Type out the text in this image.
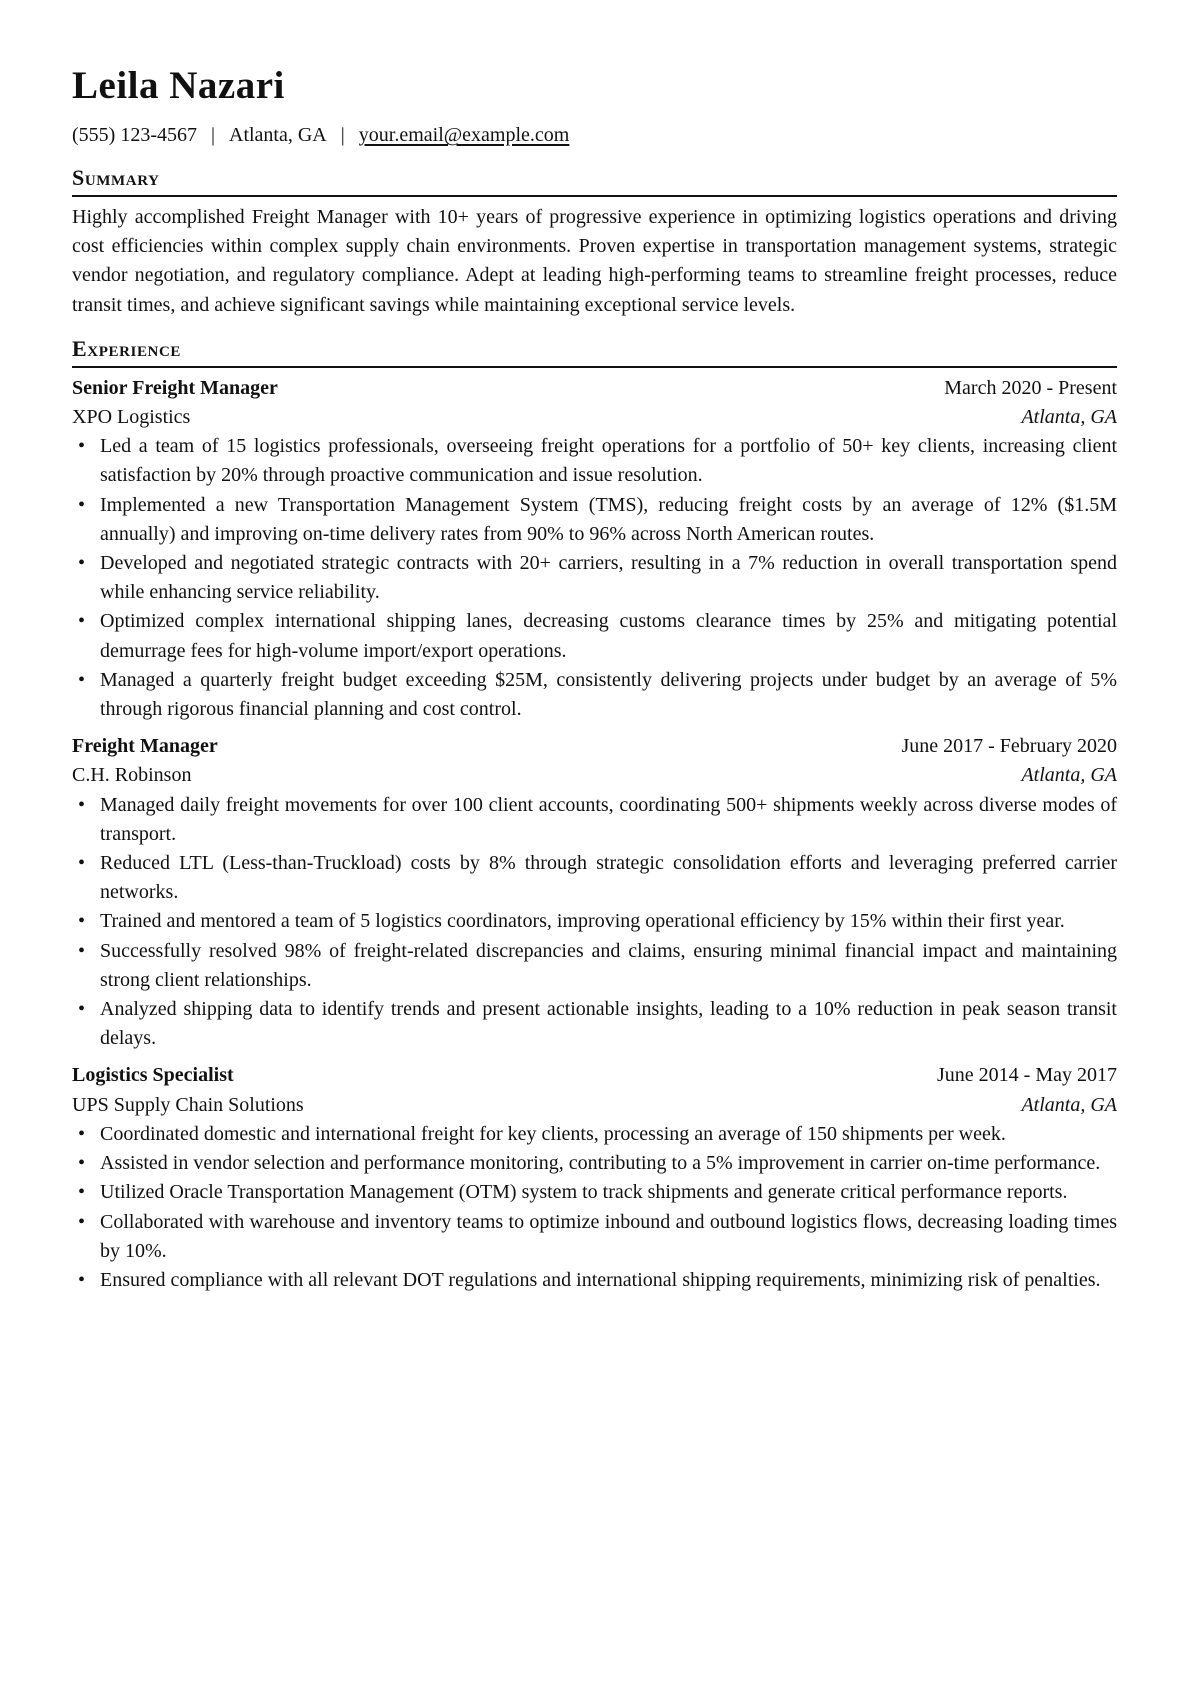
Leila Nazari
(555) 123-4567 | Atlanta, GA | your.email@example.com
Summary

Highly accomplished Freight Manager with 10+ years of progressive experience in optimizing logistics operations and driving cost efficiencies within complex supply chain environments. Proven expertise in transportation management systems, strategic vendor negotiation, and regulatory compliance. Adept at leading high-performing teams to streamline freight processes, reduce transit times, and achieve significant savings while maintaining exceptional service levels.

Experience
Senior Freight Manager	March 2020 - Present
XPO Logistics	Atlanta, GA
• Led a team of 15 logistics professionals, overseeing freight operations for a portfolio of 50+ key clients, increasing client satisfaction by 20% through proactive communication and issue resolution.
• Implemented a new Transportation Management System (TMS), reducing freight costs by an average of 12% ($1.5M annually) and improving on-time delivery rates from 90% to 96% across North American routes.
• Developed and negotiated strategic contracts with 20+ carriers, resulting in a 7% reduction in overall transportation spend while enhancing service reliability.
• Optimized complex international shipping lanes, decreasing customs clearance times by 25% and mitigating potential demurrage fees for high-volume import/export operations.
• Managed a quarterly freight budget exceeding $25M, consistently delivering projects under budget by an average of 5% through rigorous financial planning and cost control.
Freight Manager	June 2017 - February 2020
C.H. Robinson	Atlanta, GA
• Managed daily freight movements for over 100 client accounts, coordinating 500+ shipments weekly across diverse modes of transport.
• Reduced LTL (Less-than-Truckload) costs by 8% through strategic consolidation efforts and leveraging preferred carrier networks.
• Trained and mentored a team of 5 logistics coordinators, improving operational efficiency by 15% within their first year.
• Successfully resolved 98% of freight-related discrepancies and claims, ensuring minimal financial impact and maintaining strong client relationships.
• Analyzed shipping data to identify trends and present actionable insights, leading to a 10% reduction in peak season transit delays.
Logistics Specialist	June 2014 - May 2017
UPS Supply Chain Solutions	Atlanta, GA
• Coordinated domestic and international freight for key clients, processing an average of 150 shipments per week.
• Assisted in vendor selection and performance monitoring, contributing to a 5% improvement in carrier on-time performance.
• Utilized Oracle Transportation Management (OTM) system to track shipments and generate critical performance reports.
• Collaborated with warehouse and inventory teams to optimize inbound and outbound logistics flows, decreasing loading times by 10%.
• Ensured compliance with all relevant DOT regulations and international shipping requirements, minimizing risk of penalties.
